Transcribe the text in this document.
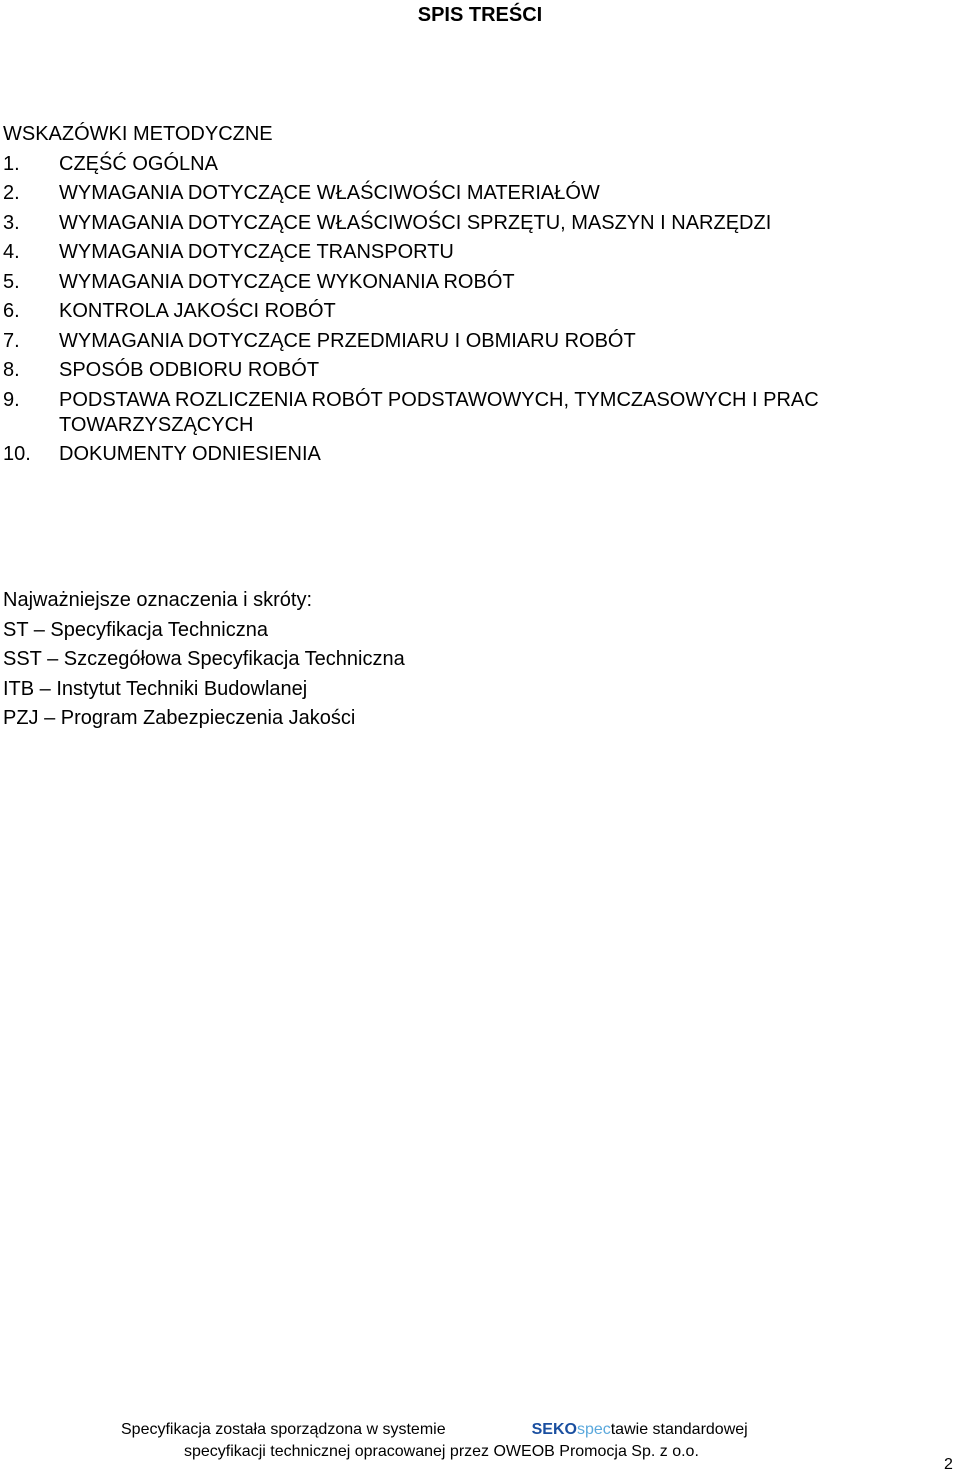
SPIS TREŚCI
WSKAZÓWKI METODYCZNE
1.	CZĘŚĆ OGÓLNA
2.	WYMAGANIA DOTYCZĄCE WŁAŚCIWOŚCI MATERIAŁÓW
3.	WYMAGANIA DOTYCZĄCE WŁAŚCIWOŚCI SPRZĘTU, MASZYN I NARZĘDZI
4.	WYMAGANIA DOTYCZĄCE TRANSPORTU
5.	WYMAGANIA DOTYCZĄCE WYKONANIA ROBÓT
6.	KONTROLA JAKOŚCI ROBÓT
7.	WYMAGANIA DOTYCZĄCE PRZEDMIARU I OBMIARU ROBÓT
8.	SPOSÓB ODBIORU ROBÓT
9.	PODSTAWA ROZLICZENIA ROBÓT PODSTAWOWYCH, TYMCZASOWYCH I PRAC TOWARZYSZĄCYCH
10.	DOKUMENTY ODNIESIENIA
Najważniejsze oznaczenia i skróty:
ST – Specyfikacja Techniczna
SST – Szczegółowa Specyfikacja Techniczna
ITB – Instytut Techniki Budowlanej
PZJ – Program Zabezpieczenia Jakości
Specyfikacja została sporządzona w systemie	SEKOspectawie standardowej
specyfikacji technicznej opracowanej przez OWEOB Promocja Sp. z o.o.
2
